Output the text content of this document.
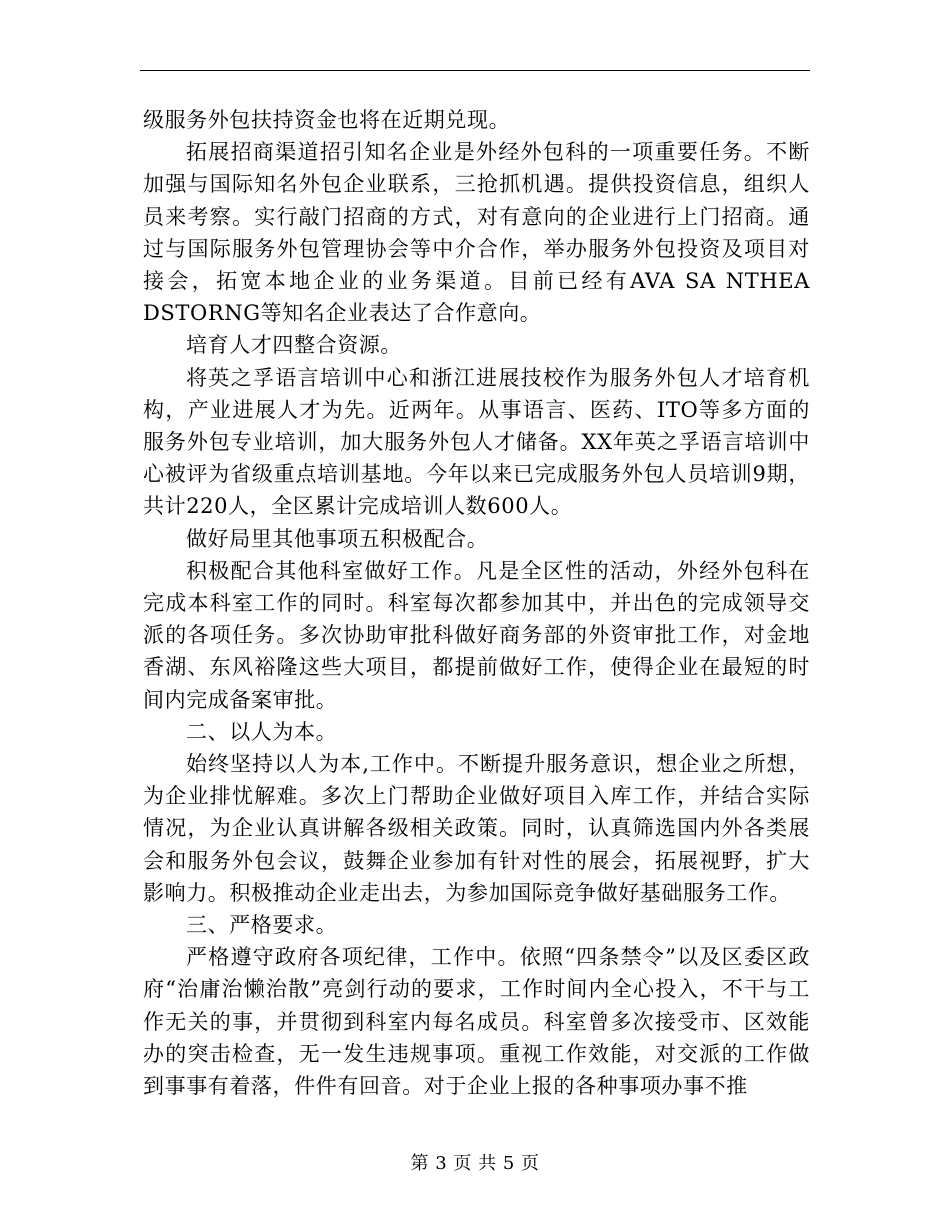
级服务外包扶持资金也将在近期兑现。

拓展招商渠道招引知名企业是外经外包科的一项重要任务。不断加强与国际知名外包企业联系，三抢抓机遇。提供投资信息，组织人员来考察。实行敲门招商的方式，对有意向的企业进行上门招商。通过与国际服务外包管理协会等中介合作，举办服务外包投资及项目对接会，拓宽本地企业的业务渠道。目前已经有AVA SA NTHEA DSTORNG等知名企业表达了合作意向。

培育人才四整合资源。

将英之孚语言培训中心和浙江进展技校作为服务外包人才培育机构，产业进展人才为先。近两年。从事语言、医药、ITO等多方面的服务外包专业培训，加大服务外包人才储备。XX年英之孚语言培训中心被评为省级重点培训基地。今年以来已完成服务外包人员培训9期，共计220人，全区累计完成培训人数600人。

做好局里其他事项五积极配合。

积极配合其他科室做好工作。凡是全区性的活动，外经外包科在完成本科室工作的同时。科室每次都参加其中，并出色的完成领导交派的各项任务。多次协助审批科做好商务部的外资审批工作，对金地香湖、东风裕隆这些大项目，都提前做好工作，使得企业在最短的时间内完成备案审批。

二、以人为本。

始终坚持以人为本,工作中。不断提升服务意识，想企业之所想，为企业排忧解难。多次上门帮助企业做好项目入库工作，并结合实际情况，为企业认真讲解各级相关政策。同时，认真筛选国内外各类展会和服务外包会议，鼓舞企业参加有针对性的展会，拓展视野，扩大影响力。积极推动企业走出去，为参加国际竞争做好基础服务工作。

三、严格要求。

严格遵守政府各项纪律，工作中。依照“四条禁令”以及区委区政府“治庸治懒治散”亮剑行动的要求，工作时间内全心投入，不干与工作无关的事，并贯彻到科室内每名成员。科室曾多次接受市、区效能办的突击检查，无一发生违规事项。重视工作效能，对交派的工作做到事事有着落，件件有回音。对于企业上报的各种事项办事不推

第 3 页 共 5 页
